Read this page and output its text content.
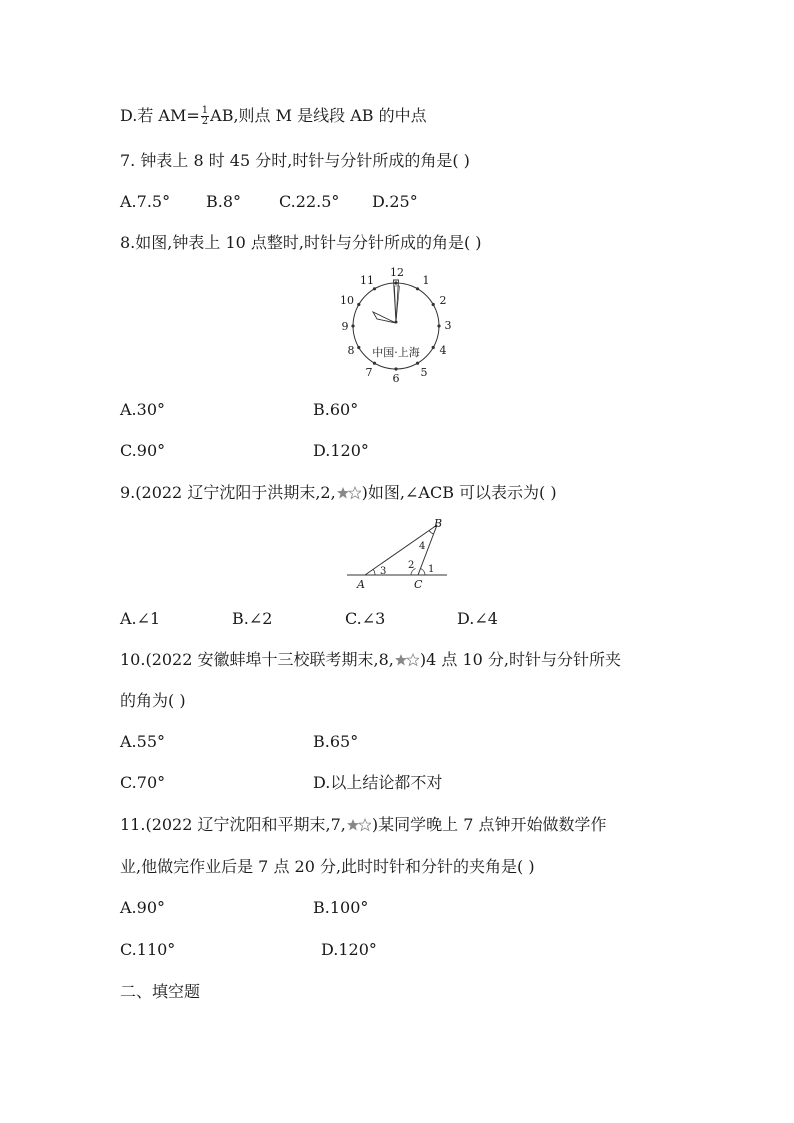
D.若 $AM= \frac{1}{2}$ AB,则点 M 是线段 AB 的中点
7. 钟表上 8 时 45 分时,时针与分针所成的角是( )
A.7.5° B.8° C.22.5° D.25°
8.如图,钟表上 10 点整时,时针与分针所成的角是( )
12
1
2
3
4
5
6
7
8
9
10
11
中国·上海
A.30°	B.60°
C.90°	D.120°
9.(2022 辽宁沈阳于洪期末,2, )如图,∠ACB 可以表示为( )
A
B
C
1
2
3
4
A.∠1	B.∠2	C.∠3	D.∠4
10.(2022 安徽蚌埠十三校联考期末,8, )4 点 10 分,时针与分针所夹
的角为( )
A.55°	B.65°
C.70°	D.以上结论都不对
11.(2022 辽宁沈阳和平期末,7, )某同学晚上 7 点钟开始做数学作
业,他做完作业后是 7 点 20 分,此时时针和分针的夹角是( )
A.90°	B.100°
C.110°	D.120°
二、填空题
